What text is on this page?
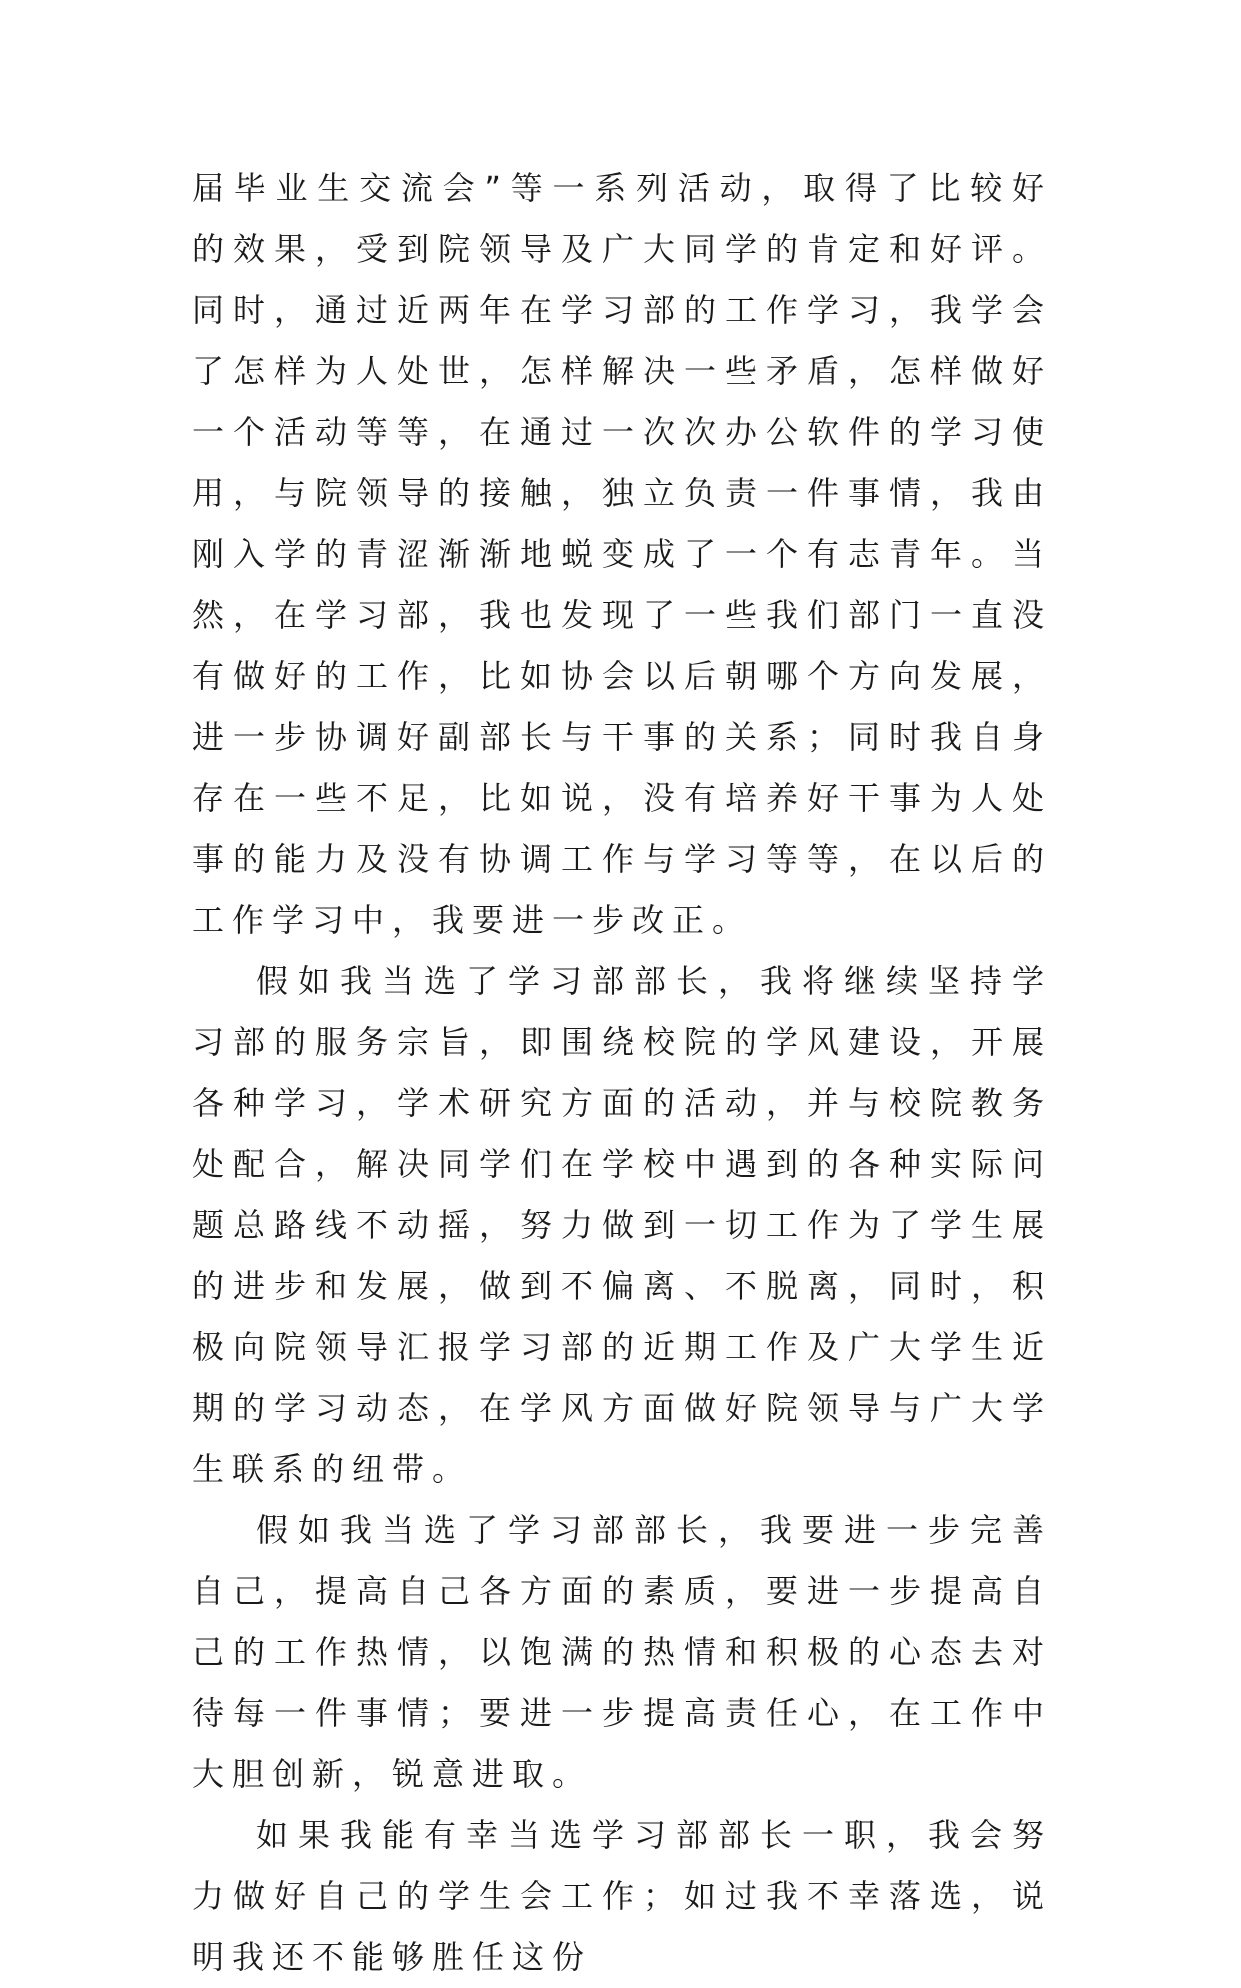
届毕业生交流会”等一系列活动，取得了比较好的效果，受到院领导及广大同学的肯定和好评。同时，通过近两年在学习部的工作学习，我学会了怎样为人处世，怎样解决一些矛盾，怎样做好一个活动等等，在通过一次次办公软件的学习使用，与院领导的接触，独立负责一件事情，我由刚入学的青涩渐渐地蜕变成了一个有志青年。当然，在学习部，我也发现了一些我们部门一直没有做好的工作，比如协会以后朝哪个方向发展，进一步协调好副部长与干事的关系；同时我自身存在一些不足，比如说，没有培养好干事为人处事的能力及没有协调工作与学习等等，在以后的工作学习中，我要进一步改正。

假如我当选了学习部部长，我将继续坚持学习部的服务宗旨，即围绕校院的学风建设，开展各种学习，学术研究方面的活动，并与校院教务处配合，解决同学们在学校中遇到的各种实际问题总路线不动摇，努力做到一切工作为了学生展的进步和发展，做到不偏离、不脱离，同时，积极向院领导汇报学习部的近期工作及广大学生近期的学习动态，在学风方面做好院领导与广大学生联系的纽带。

假如我当选了学习部部长，我要进一步完善自己，提高自己各方面的素质，要进一步提高自己的工作热情，以饱满的热情和积极的心态去对待每一件事情；要进一步提高责任心，在工作中大胆创新，锐意进取。

如果我能有幸当选学习部部长一职，我会努力做好自己的学生会工作；如过我不幸落选，说明我还不能够胜任这份
